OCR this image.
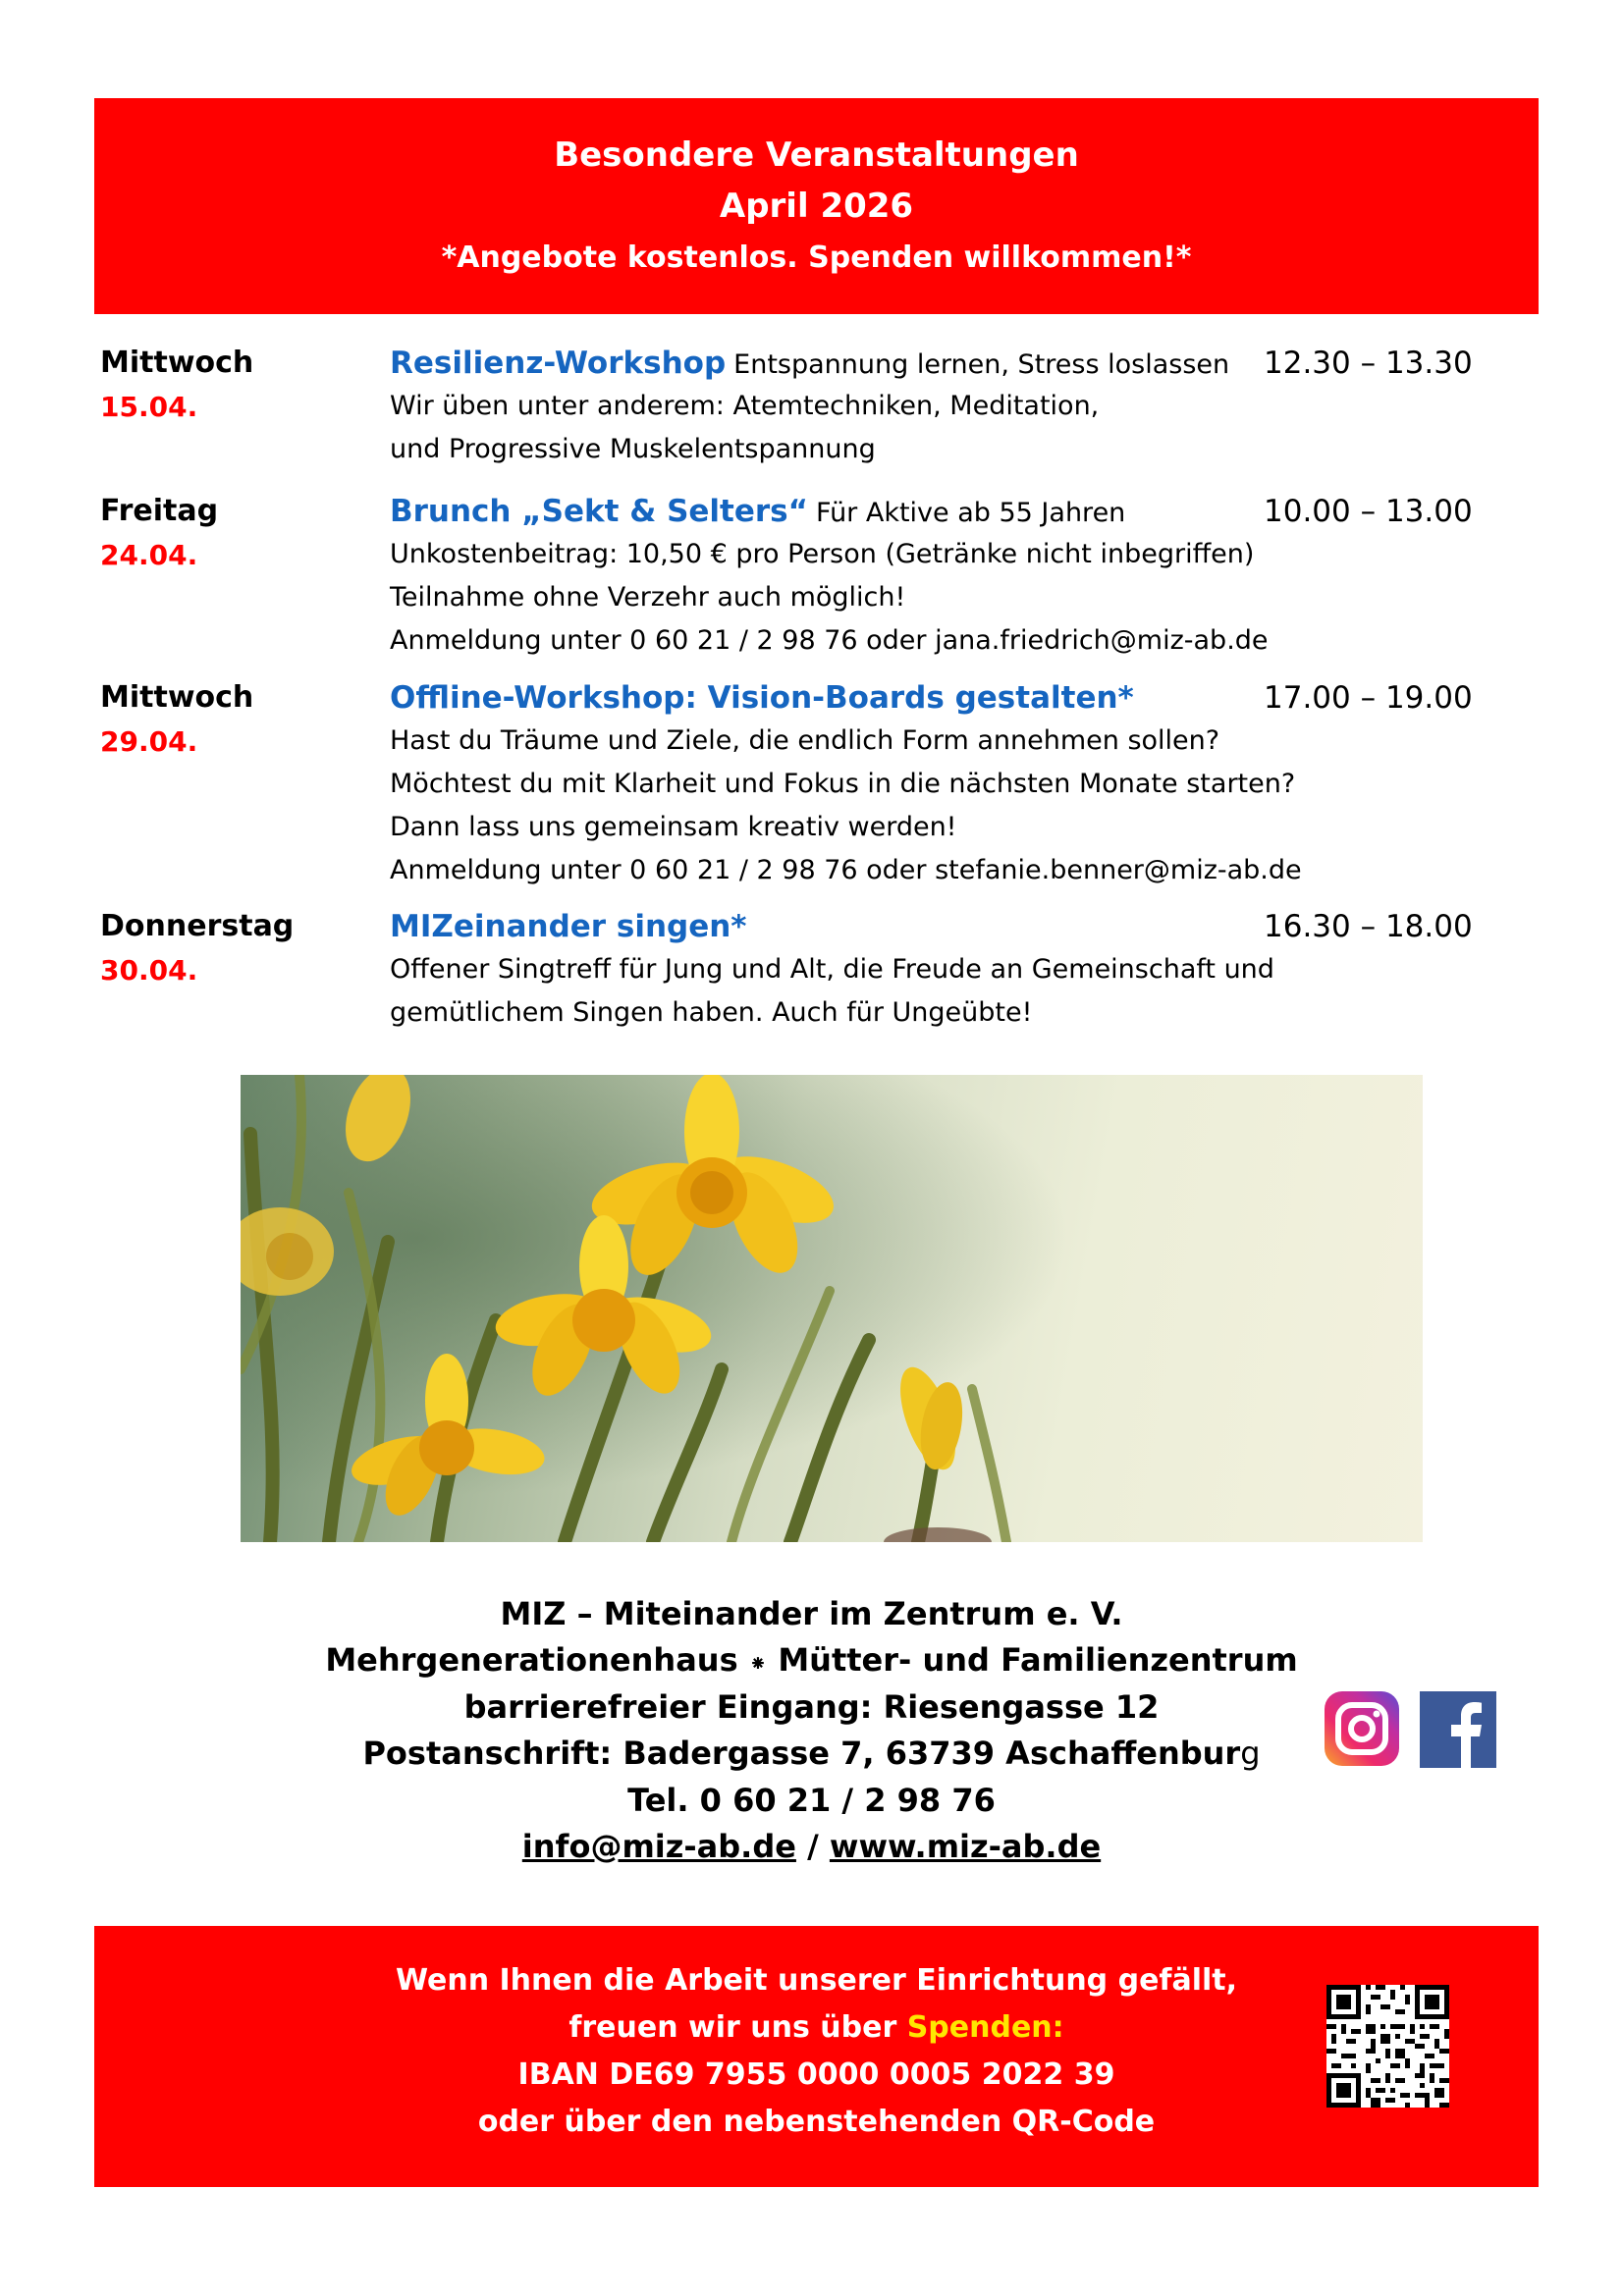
Besondere Veranstaltungen
April 2026
*Angebote kostenlos. Spenden willkommen!*
Mittwoch
15.04.
Resilienz-Workshop Entspannung lernen, Stress loslassen 12.30 – 13.30
Wir üben unter anderem: Atemtechniken, Meditation,
und Progressive Muskelentspannung
Freitag
24.04.
Brunch „Sekt & Selters“ Für Aktive ab 55 Jahren	10.00 – 13.00
Unkostenbeitrag: 10,50 € pro Person (Getränke nicht inbegriffen)
Teilnahme ohne Verzehr auch möglich!
Anmeldung unter 0 60 21 / 2 98 76 oder jana.friedrich@miz-ab.de
Mittwoch
29.04.
Offline-Workshop: Vision-Boards gestalten*	17.00 – 19.00
Hast du Träume und Ziele, die endlich Form annehmen sollen?
Möchtest du mit Klarheit und Fokus in die nächsten Monate starten?
Dann lass uns gemeinsam kreativ werden!
Anmeldung unter 0 60 21 / 2 98 76 oder stefanie.benner@miz-ab.de
Donnerstag
30.04.
MIZeinander singen*	16.30 – 18.00
Offener Singtreff für Jung und Alt, die Freude an Gemeinschaft und
gemütlichem Singen haben. Auch für Ungeübte!
MIZ – Miteinander im Zentrum e. V.
Mehrgenerationenhaus ⁕ Mütter- und Familienzentrum
barrierefreier Eingang: Riesengasse 12
Postanschrift: Badergasse 7, 63739 Aschaffenburg
Tel. 0 60 21 / 2 98 76
info@miz-ab.de / www.miz-ab.de
Wenn Ihnen die Arbeit unserer Einrichtung gefällt,
freuen wir uns über Spenden:
IBAN DE69 7955 0000 0005 2022 39
oder über den nebenstehenden QR-Code
